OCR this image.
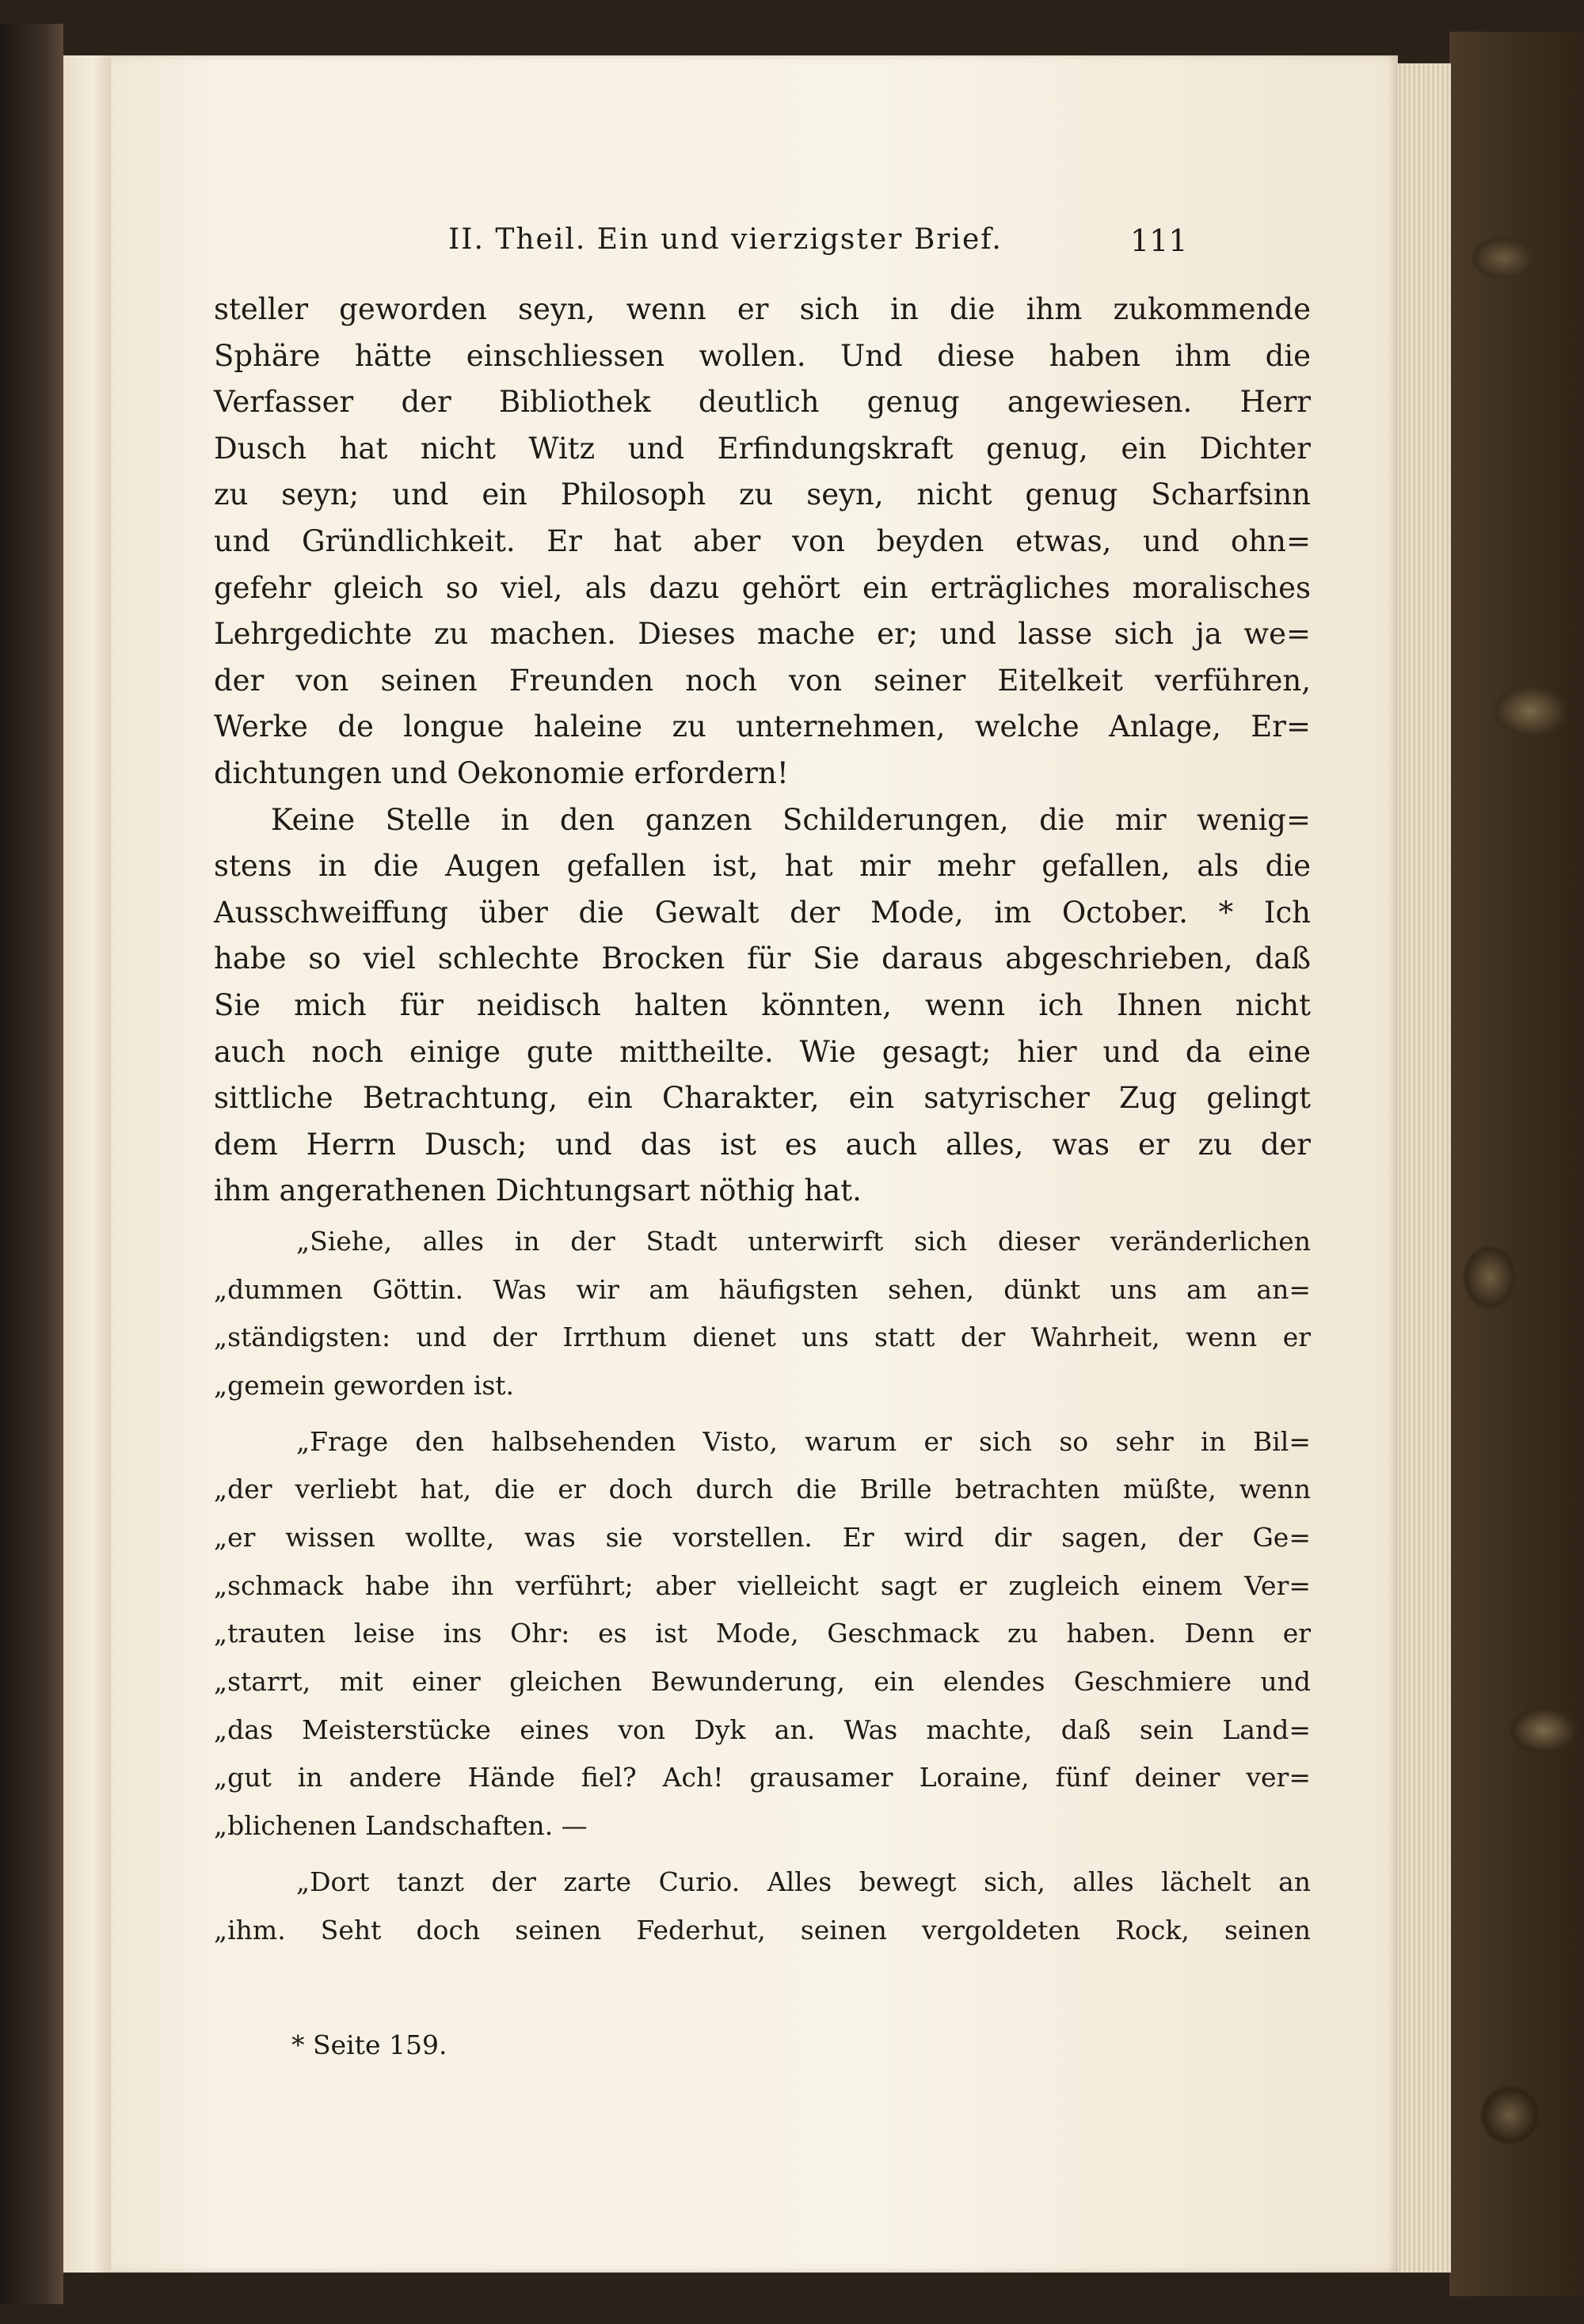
II. Theil. Ein und vierzigster Brief.	111
steller geworden seyn, wenn er sich in die ihm zukommende
Sphäre hätte einschliessen wollen. Und diese haben ihm die
Verfasser der Bibliothek deutlich genug angewiesen. Herr
Dusch hat nicht Witz und Erfindungskraft genug, ein Dichter
zu seyn; und ein Philosoph zu seyn, nicht genug Scharfsinn
und Gründlichkeit. Er hat aber von beyden etwas, und ohn=
gefehr gleich so viel, als dazu gehört ein erträgliches moralisches
Lehrgedichte zu machen. Dieses mache er; und lasse sich ja we=
der von seinen Freunden noch von seiner Eitelkeit verführen,
Werke de longue haleine zu unternehmen, welche Anlage, Er=
dichtungen und Oekonomie erfordern!
Keine Stelle in den ganzen Schilderungen, die mir wenig=
stens in die Augen gefallen ist, hat mir mehr gefallen, als die
Ausschweiffung über die Gewalt der Mode, im October. * Ich
habe so viel schlechte Brocken für Sie daraus abgeschrieben, daß
Sie mich für neidisch halten könnten, wenn ich Ihnen nicht
auch noch einige gute mittheilte. Wie gesagt; hier und da eine
sittliche Betrachtung, ein Charakter, ein satyrischer Zug gelingt
dem Herrn Dusch; und das ist es auch alles, was er zu der
ihm angerathenen Dichtungsart nöthig hat.
„Siehe, alles in der Stadt unterwirft sich dieser veränderlichen
„dummen Göttin. Was wir am häufigsten sehen, dünkt uns am an=
„ständigsten: und der Irrthum dienet uns statt der Wahrheit, wenn er
„gemein geworden ist.
„Frage den halbsehenden Visto, warum er sich so sehr in Bil=
„der verliebt hat, die er doch durch die Brille betrachten müßte, wenn
„er wissen wollte, was sie vorstellen. Er wird dir sagen, der Ge=
„schmack habe ihn verführt; aber vielleicht sagt er zugleich einem Ver=
„trauten leise ins Ohr: es ist Mode, Geschmack zu haben. Denn er
„starrt, mit einer gleichen Bewunderung, ein elendes Geschmiere und
„das Meisterstücke eines von Dyk an. Was machte, daß sein Land=
„gut in andere Hände fiel? Ach! grausamer Loraine, fünf deiner ver=
„blichenen Landschaften. —
„Dort tanzt der zarte Curio. Alles bewegt sich, alles lächelt an
„ihm. Seht doch seinen Federhut, seinen vergoldeten Rock, seinen
* Seite 159.
